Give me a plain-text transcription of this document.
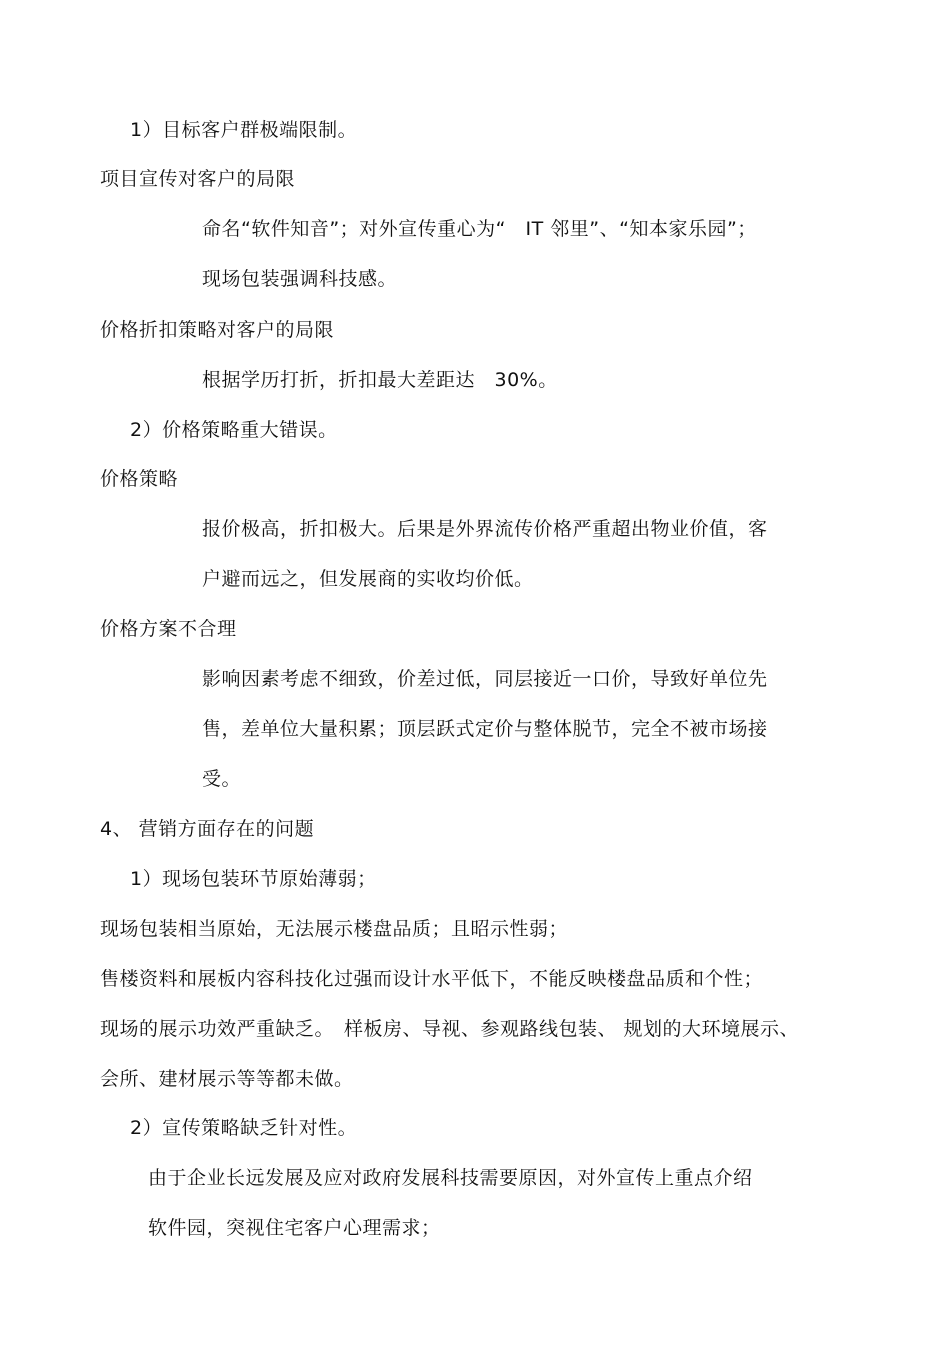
1）目标客户群极端限制。
项目宣传对客户的局限
命名“软件知音”；对外宣传重心为“　IT 邻里”、“知本家乐园”；
现场包装强调科技感。
价格折扣策略对客户的局限
根据学历打折，折扣最大差距达　30%。
2）价格策略重大错误。
价格策略
报价极高，折扣极大。后果是外界流传价格严重超出物业价值，客
户避而远之，但发展商的实收均价低。
价格方案不合理
影响因素考虑不细致，价差过低，同层接近一口价，导致好单位先
售，差单位大量积累；顶层跃式定价与整体脱节，完全不被市场接
受。
4、 营销方面存在的问题
1）现场包装环节原始薄弱；
现场包装相当原始，无法展示楼盘品质；且昭示性弱；
售楼资料和展板内容科技化过强而设计水平低下，不能反映楼盘品质和个性；
现场的展示功效严重缺乏。　样板房、导视、参观路线包装、 规划的大环境展示、
会所、建材展示等等都未做。
2）宣传策略缺乏针对性。
由于企业长远发展及应对政府发展科技需要原因，对外宣传上重点介绍
软件园，突视住宅客户心理需求；
